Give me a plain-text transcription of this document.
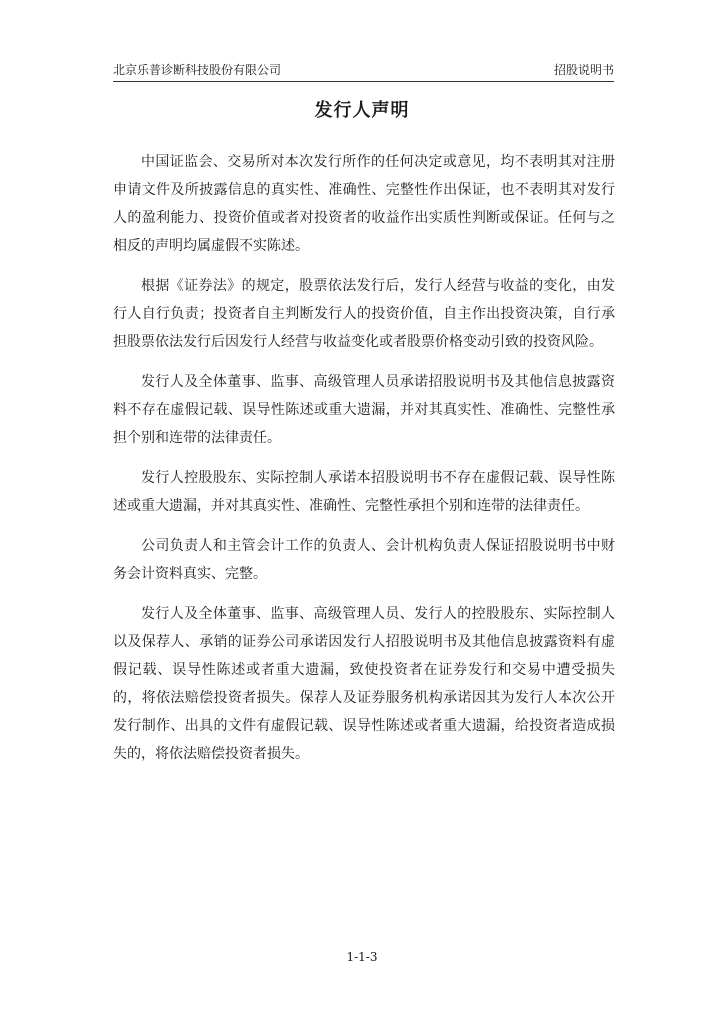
北京乐普诊断科技股份有限公司	招股说明书
发行人声明

中国证监会、交易所对本次发行所作的任何决定或意见，均不表明其对注册申请文件及所披露信息的真实性、准确性、完整性作出保证，也不表明其对发行人的盈利能力、投资价值或者对投资者的收益作出实质性判断或保证。任何与之相反的声明均属虚假不实陈述。

根据《证券法》的规定，股票依法发行后，发行人经营与收益的变化，由发行人自行负责；投资者自主判断发行人的投资价值，自主作出投资决策，自行承担股票依法发行后因发行人经营与收益变化或者股票价格变动引致的投资风险。

发行人及全体董事、监事、高级管理人员承诺招股说明书及其他信息披露资料不存在虚假记载、误导性陈述或重大遗漏，并对其真实性、准确性、完整性承担个别和连带的法律责任。

发行人控股股东、实际控制人承诺本招股说明书不存在虚假记载、误导性陈述或重大遗漏，并对其真实性、准确性、完整性承担个别和连带的法律责任。

公司负责人和主管会计工作的负责人、会计机构负责人保证招股说明书中财务会计资料真实、完整。

发行人及全体董事、监事、高级管理人员、发行人的控股股东、实际控制人以及保荐人、承销的证券公司承诺因发行人招股说明书及其他信息披露资料有虚假记载、误导性陈述或者重大遗漏，致使投资者在证券发行和交易中遭受损失的，将依法赔偿投资者损失。保荐人及证券服务机构承诺因其为发行人本次公开发行制作、出具的文件有虚假记载、误导性陈述或者重大遗漏，给投资者造成损失的，将依法赔偿投资者损失。

1-1-3
